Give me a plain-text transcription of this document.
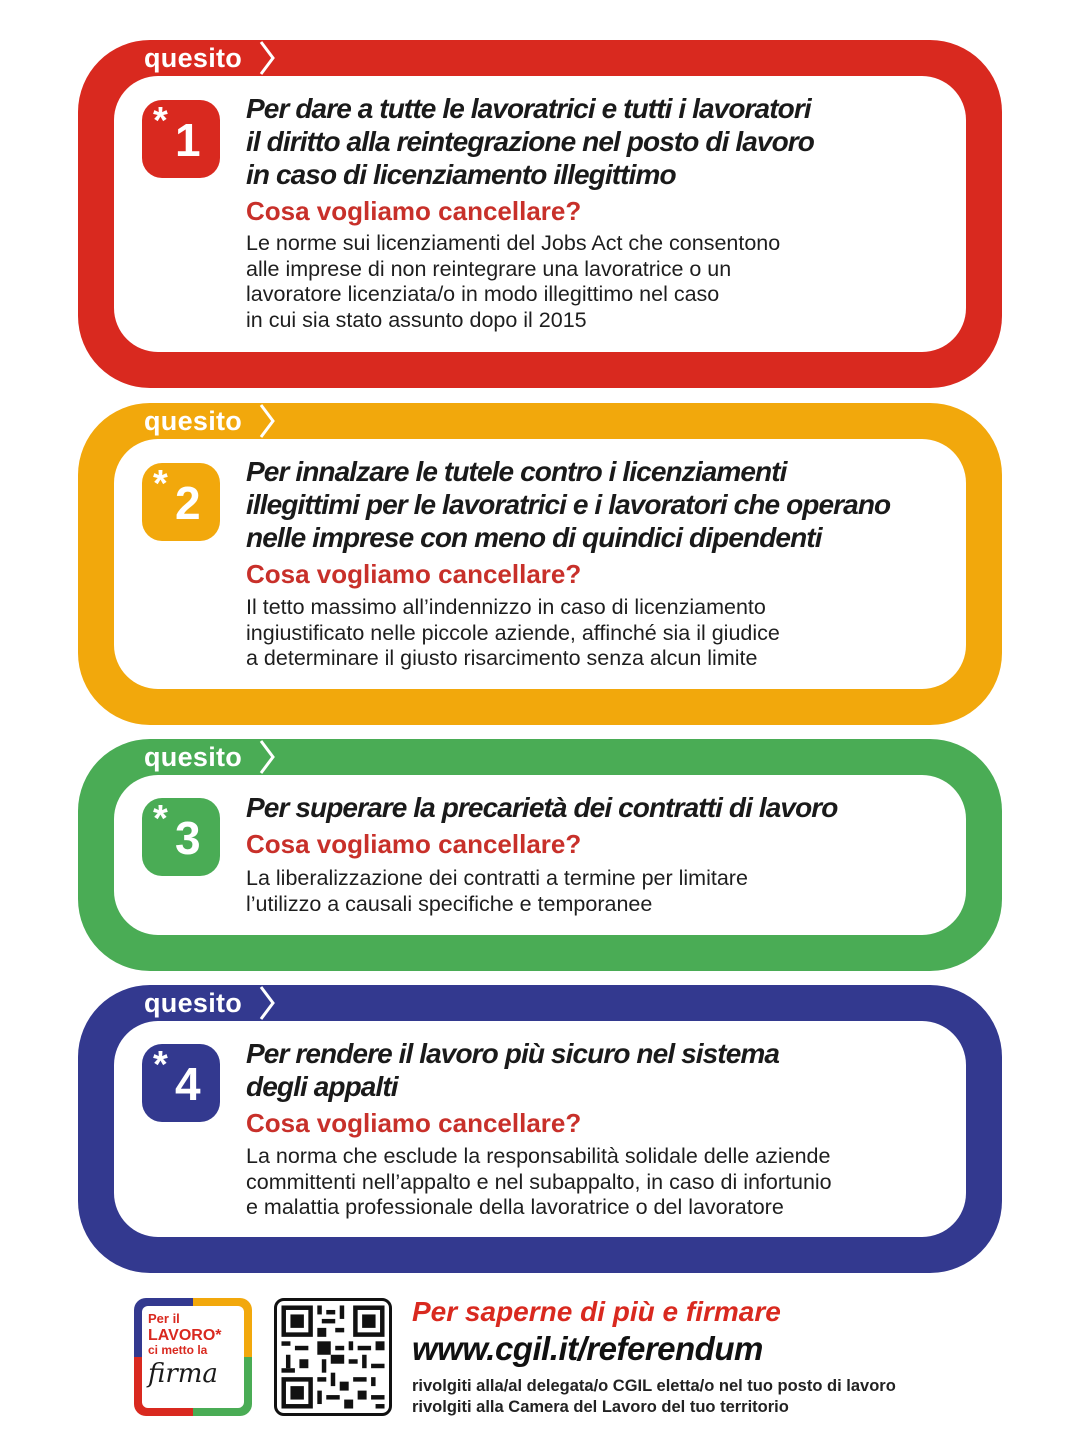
quesito
* 1
Per dare a tutte le lavoratrici e tutti i lavoratori
il diritto alla reintegrazione nel posto di lavoro
in caso di licenziamento illegittimo
Cosa vogliamo cancellare?
Le norme sui licenziamenti del Jobs Act che consentono
alle imprese di non reintegrare una lavoratrice o un
lavoratore licenziata/o in modo illegittimo nel caso
in cui sia stato assunto dopo il 2015
quesito
* 2
Per innalzare le tutele contro i licenziamenti
illegittimi per le lavoratrici e i lavoratori che operano
nelle imprese con meno di quindici dipendenti
Cosa vogliamo cancellare?
Il tetto massimo all’indennizzo in caso di licenziamento
ingiustificato nelle piccole aziende, affinché sia il giudice
a determinare il giusto risarcimento senza alcun limite
quesito
* 3
Per superare la precarietà dei contratti di lavoro
Cosa vogliamo cancellare?
La liberalizzazione dei contratti a termine per limitare
l’utilizzo a causali specifiche e temporanee
quesito
* 4
Per rendere il lavoro più sicuro nel sistema
degli appalti
Cosa vogliamo cancellare?
La norma che esclude la responsabilità solidale delle aziende
committenti nell’appalto e nel subappalto, in caso di infortunio
e malattia professionale della lavoratrice o del lavoratore
Per il
LAVORO*
ci metto la
firma
Per saperne di più e firmare
www.cgil.it/referendum
rivolgiti alla/al delegata/o CGIL eletta/o nel tuo posto di lavoro
rivolgiti alla Camera del Lavoro del tuo territorio
